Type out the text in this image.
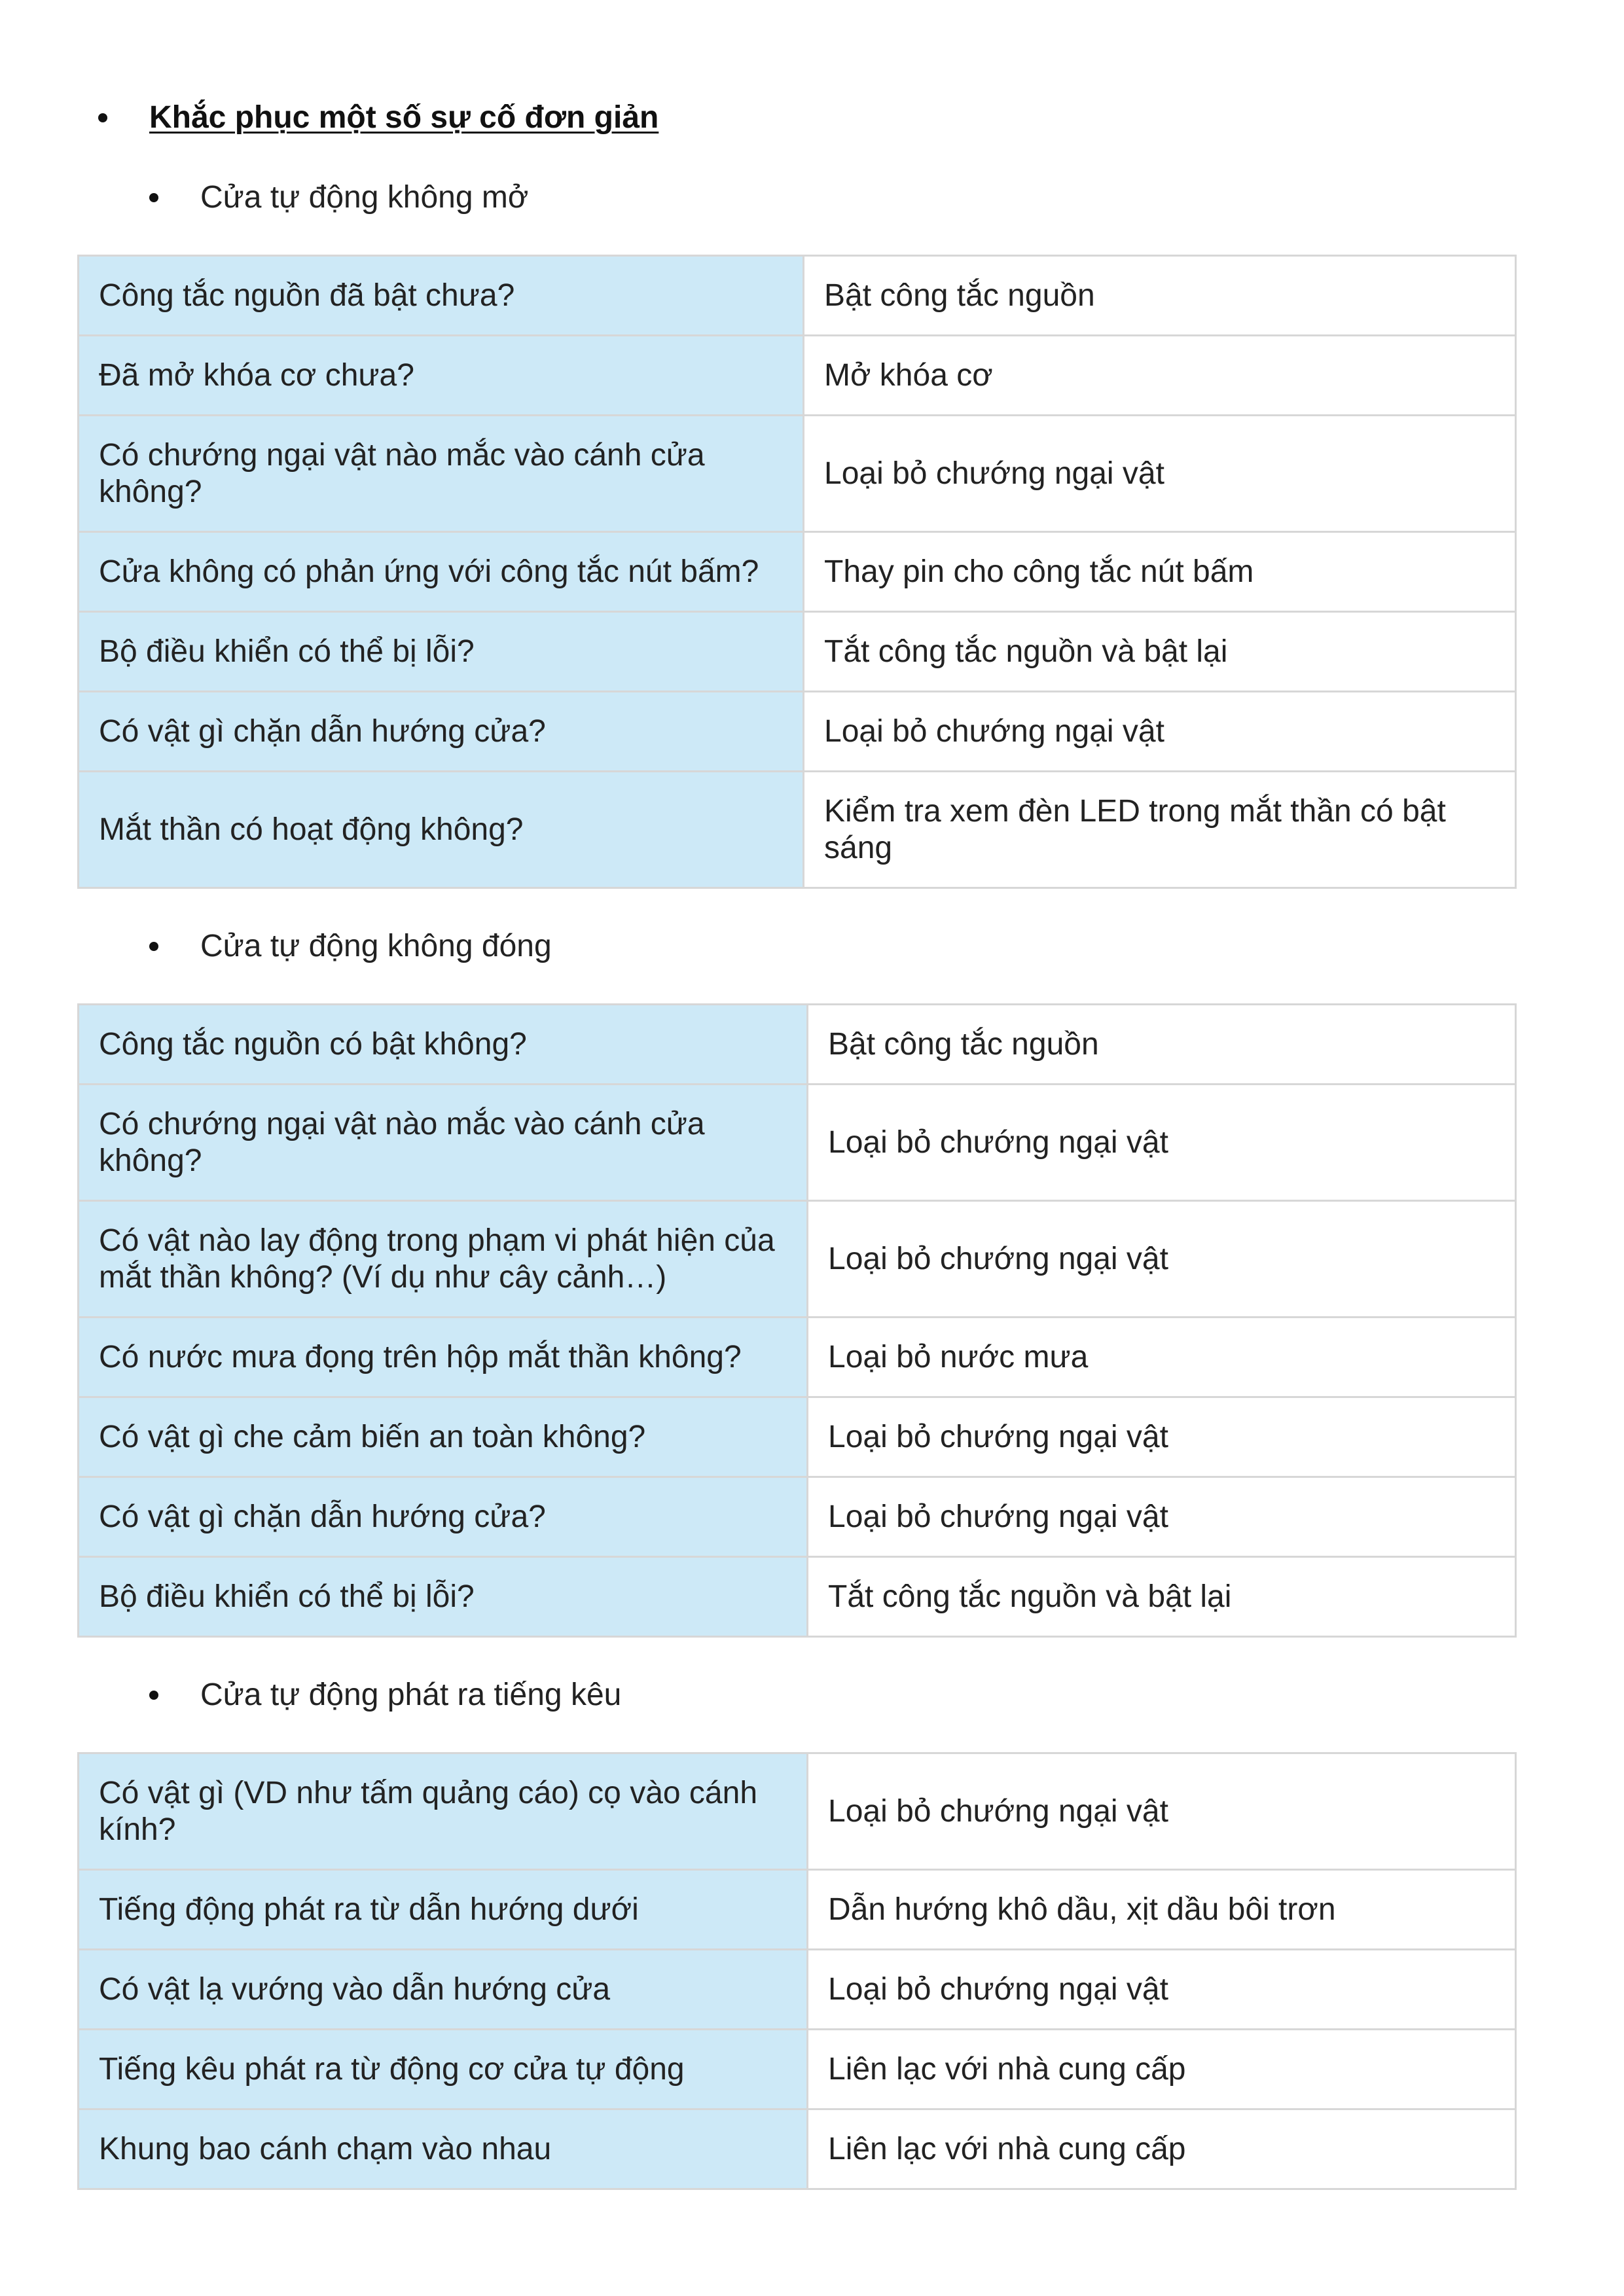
Khắc phục một số sự cố đơn giản
Cửa tự động không mở
Công tắc nguồn đã bật chưa?	Bật công tắc nguồn
Đã mở khóa cơ chưa?	Mở khóa cơ
Có chướng ngại vật nào mắc vào cánh cửa không?	Loại bỏ chướng ngại vật
Cửa không có phản ứng với công tắc nút bấm?	Thay pin cho công tắc nút bấm
Bộ điều khiển có thể bị lỗi?	Tắt công tắc nguồn và bật lại
Có vật gì chặn dẫn hướng cửa?	Loại bỏ chướng ngại vật
Mắt thần có hoạt động không?	Kiểm tra xem đèn LED trong mắt thần có bật sáng
Cửa tự động không đóng
Công tắc nguồn có bật không?	Bật công tắc nguồn
Có chướng ngại vật nào mắc vào cánh cửa không?	Loại bỏ chướng ngại vật
Có vật nào lay động trong phạm vi phát hiện của mắt thần không? (Ví dụ như cây cảnh…)	Loại bỏ chướng ngại vật
Có nước mưa đọng trên hộp mắt thần không?	Loại bỏ nước mưa
Có vật gì che cảm biến an toàn không?	Loại bỏ chướng ngại vật
Có vật gì chặn dẫn hướng cửa?	Loại bỏ chướng ngại vật
Bộ điều khiển có thể bị lỗi?	Tắt công tắc nguồn và bật lại
Cửa tự động phát ra tiếng kêu
Có vật gì (VD như tấm quảng cáo) cọ vào cánh kính?	Loại bỏ chướng ngại vật
Tiếng động phát ra từ dẫn hướng dưới	Dẫn hướng khô dầu, xịt dầu bôi trơn
Có vật lạ vướng vào dẫn hướng cửa	Loại bỏ chướng ngại vật
Tiếng kêu phát ra từ động cơ cửa tự động	Liên lạc với nhà cung cấp
Khung bao cánh chạm vào nhau	Liên lạc với nhà cung cấp
